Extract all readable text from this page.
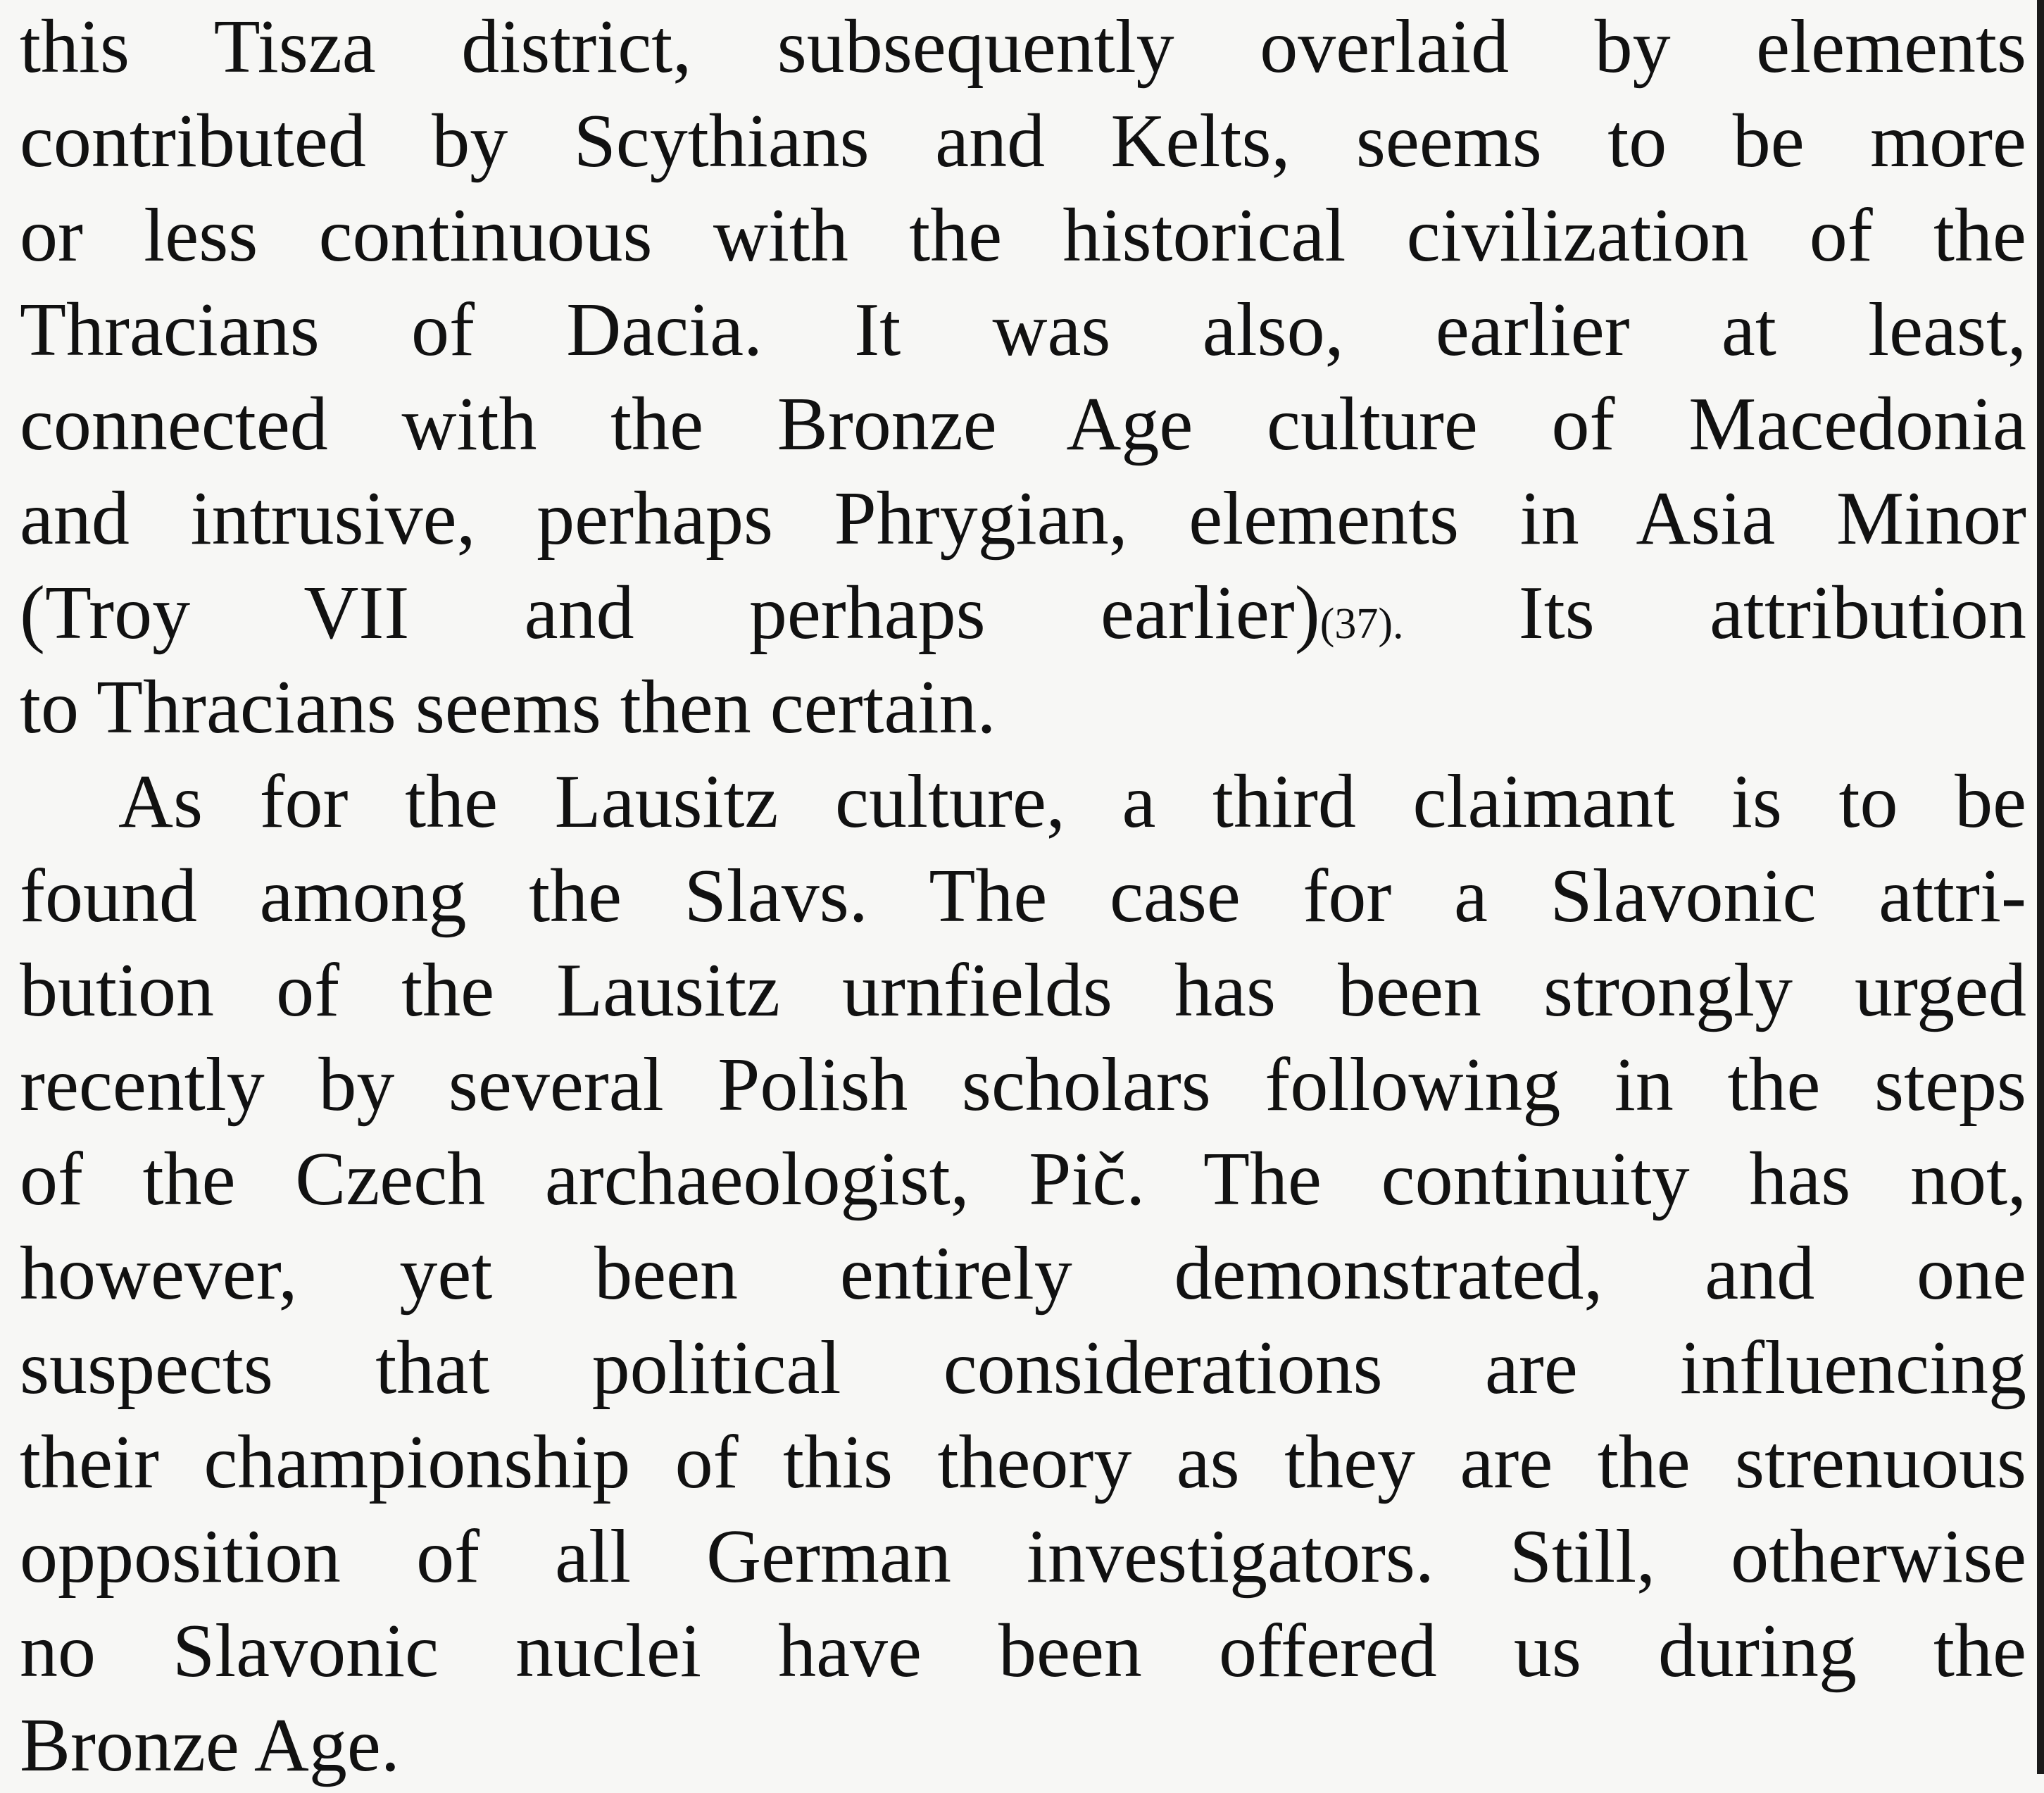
this Tisza district, subsequently overlaid by elements
contributed by Scythians and Kelts, seems to be more
or less continuous with the historical civilization of the
Thracians of Dacia. It was also, earlier at least,
connected with the Bronze Age culture of Macedonia
and intrusive, perhaps Phrygian, elements in Asia Minor
(Troy VII and perhaps earlier)(37). Its attribution
to Thracians seems then certain.
As for the Lausitz culture, a third claimant is to be
found among the Slavs. The case for a Slavonic attri-
bution of the Lausitz urnfields has been strongly urged
recently by several Polish scholars following in the steps
of the Czech archaeologist, Pič. The continuity has not,
however, yet been entirely demonstrated, and one
suspects that political considerations are influencing
their championship of this theory as they are the strenuous
opposition of all German investigators. Still, otherwise
no Slavonic nuclei have been offered us during the
Bronze Age.
